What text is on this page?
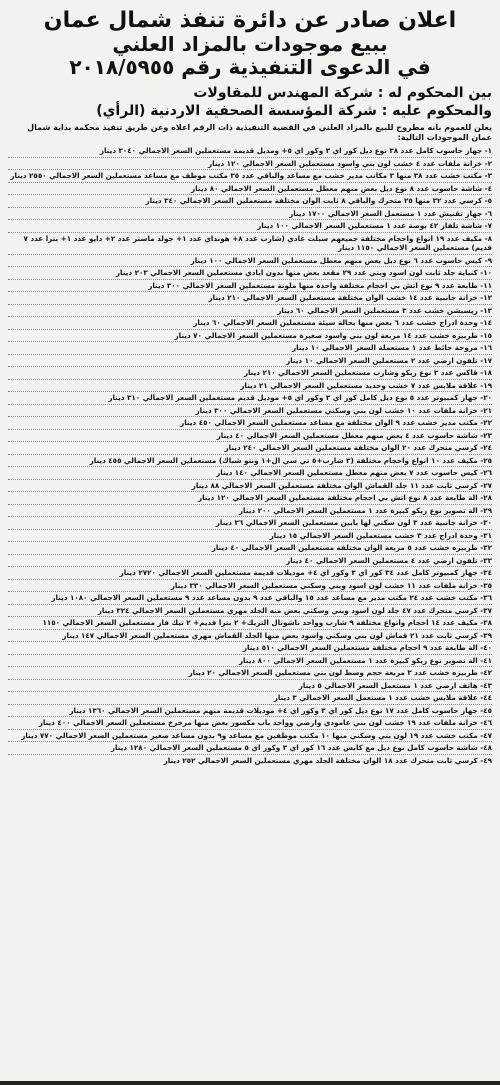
اعلان صادر عن دائرة تنفذ شمال عمان
ببيع موجودات بالمزاد العلني
في الدعوى التنفيذية رقم ٢٠١٨/٥٩٥٥
بين المحكوم له : شركة المهندس للمقاولات
والمحكوم عليه : شركة المؤسسة الصحفية الاردنية (الرأي)
يعلن للعموم بانه مطروح للبيع بالمزاد العلني في القضية التنفيذية ذات الرقم اعلاه وعن طريق تنفيذ محكمة بداية شمال عمان الموجودات التالية:
١- جهاز حاسوب كامل عدد ٣٨ نوع ديل كور اي ٣ وكور اي ٥+ ومديل قديمة مستعملين السعر الاجمالي ٣٠٤٠ دينار
٢- خزانة ملفات عدد ٤ خشب لون بني واسود مستعملين السعر الاجمالي ١٢٠ دينار
٣- مكتب خشب عدد ٣٨ منها ٣ مكاتب مدير خشب مع مساعد والباقي عدد ٣٥ مكتب موظف مع مساعد مستعملين السعر الاجمالي ٢٥٥٠ دينار
٤- شاشة حاسوب عدد ٨ نوع ديل بعض منهم معطل مستعملين السعر الاجمالي ٨٠ دينار
٥- كرسي عدد ٣٢ منها ٢٥ متحرك والباقي ٨ ثابت الوان مختلفة مستعملين السعر الاجمالي ٣٤٠ دينار
٦- جهاز تقنيش عدد ١ مستعمل السعر الاجمالي ١٧٠٠ دينار
٧- شاشة تلفاز ٤٢ بوصة عدد ١ مستعملين السعر الاجمالي ١٠٠ دينار
٨- مكيف عدد ١٩ انواع واحجام مختلفة جميعهم سبلت عادي (شارب عدد ٨+ هونداي عدد ١+ جولد ماستر عدد ٢+ دايو عدد ١+ بترا عدد ٧ قديم) مستعملين السعر الاجمالي ١١٥٠ دينار
٩- كيس حاسوب عدد ٦ نوع ديل بعض منهم معطل مستعملين السعر الاجمالي ١٠٠ دينار
١٠- كنباية جلد ثابت لون اسود وبني عدد ٢٩ مقعد بعض منها بدون ايادي مستعملين السعر الاجمالي ٢٠٣ دينار
١١- طابعة عدد ٩ نوع اتش بي احجام مختلفة واحدة منها ملونة مستعملين السعر الاجمالي ٣٠٠ دينار
١٢- خزانة جانبية عدد ١٤ خشب الوان مختلفة مستعملين السعر الاجمالي ٢١٠ دينار
١٣- ريسبشن خشب عدد ٣ مستعملين السعر الاجمالي ٦٠ دينار
١٤- وحدة ادراج خشب عدد ٦ بعض منها بحالة سيئة مستعملين السعر الاجمالي ٦٠ دينار
١٥- طربيزه خشب عدد ١٤ مربعة لون بني واسود صغيرة مستعملين السعر الاجمالي ٧٠ دينار
١٦- مروحة حائط عدد ١ مستعملة السعر الاجمالي ١٠ دينار
١٧- تلفون ارضي عدد ٢ مستعملين السعر الاجمالي ١٠ دينار
١٨- قاكس عدد ٣ نوع ريكو وشارب مستعملين السعر الاجمالي ٢١٠ دينار
١٩- علاقة ملابس عدد ٧ خشب وحديد مستعملين السعر الاجمالي ٢١ دينار
٢٠- جهاز كمبيوتر عدد ٥ نوع ديل كامل كور اي ٣ وكور اي ٥+ موديل قديم مستعملين السعر الاجمالي ٣١٠ دينار
٢١- خزانة ملفات عدد ١٠ خشب لون بني وسكني مستعملين السعر الاجمالي ٣٠٠ دينار
٢٢- مكتب مدير خشب عدد ٩ الوان مختلفة مع مساعد مستعملين السعر الاجمالي ٤٥٠ دينار
٢٣- شاشة حاسوب عدد ٤ بعض منهم معطل مستعملين السعر الاجمالي ٤٠ دينار
٢٤- كرسي متحرك عدد ٢٠ الوان مختلفة مستعملين السعر الاجمالي ٢٤٠ دينار
٢٥- مكيف عدد ١٠ انواع واحجام مختلفة (٣ شارب+٥ تي سي ال+١ ونتو شباك) مستعملين السعر الاجمالي ٤٥٥ دينار
٢٦- كيس حاسوب عدد ٧ بعض منهم معطل مستعملين السعر الاجمالي ١٤٠ دينار
٢٧- كرسي ثابت عدد ١١ جلد القماش الوان مختلفة مستعملين السعر الاجمالي ٨٨ دينار
٢٨- الة طابعة عدد ٨ نوع اتش بي احجام مختلفة مستعملين السعر الاجمالي ١٢٠ دينار
٢٩- الة تصوير نوع ريكو كبيرة عدد ١ مستعملين السعر الاجمالي ٢٠٠ دينار
٣٠- خزانة جانبية عدد ٣ لون سكني لها بابين مستعملين السعر الاجمالي ٣٦ دينار
٣١- وحدة ادراج عدد ٣ خشب مستعملين السعر الاجمالي ١٥ دينار
٣٢- طربيزه خشب عدد ٥ مربعة الوان مختلفة مستعملين السعر الاجمالي ٤٠ دينار
٣٣- تلفون ارضي عدد ٤ مستعملين السعر الاجمالي ٤٠ دينار
٣٤- جهاز كمبيوتر كامل عدد ٣٤ كور اي ٣ وكور اي ٤+ موديلات قديمة مستعملين السعر الاجمالي ٢٧٢٠ دينار
٣٥- خزانة ملفات عدد ١١ خشب لون اسود وبني وسكني مستعملين السعر الاجمالي ٣٣٠ دينار
٣٦- مكتب خشب عدد ٢٤ مكتب مدير مع مساعد عدد ١٥ والباقي عدد ٩ بدون مساعد عدد ٩ مستعملين السعر الاجمالي ١٠٨٠ دينار
٣٧- كرسي متحرك عدد ٤٧ جلد لون اسود وبني وسكني بعض منه الجلد مهري مستعملين السعر الاجمالي ٣٢٤ دينار
٣٨- مكيف عدد ١٤ احجام وانواع مختلفة ٩ شارب وواحد ناشونال التريك+ ٢ بترا قديم+ ٢ تيك فاز مستعملين السعر الاجمالي ١١٥٠
٣٩- كرسي ثابت عدد ٢١ قماش لون بني وسكني واسود بعض منها الجلد القماش مهري مستعملين السعر الاجمالي ١٤٧ دينار
٤٠- الة طابعة عدد ٩ احجام مختلفة مستعملين السعر الاجمالي ٥١٠ دينار
٤١- الة تصوير نوع ريكو كبيرة عدد ١ مستعملين السعر الاجمالي ٨٠٠ دينار
٤٢- طربيزه خشب عدد ٣ مربعة حجم وسط لون بني مستعملين السعر الاجمالي ٢٠ دينار
٤٣- هاتف ارضي عدد ١ مستعمل السعر الاجمالي ٥ دينار
٤٤- علاقة ملابس خشب عدد ١ مستعمل السعر الاجمالي ٣ دينار
٤٥- جهاز حاسوب كامل عدد ١٧ نوع ديل كور اي ٣ وكور اي ٤+ موديلات قديمة منهم مستعملين السعر الاجمالي ١٣٦٠ دينار
٤٦- خزانة ملفات عدد ١٩ خشب لون بني عامودي وارضي وواحد باب مكسور بعض منها مرخرخ مستعملين السعر الاجمالي ٤٠٠ دينار
٤٧- مكتب خشب عدد ١٩ لون بني وسكني منها ١٠ مكتب موظفين مع مساعد و٩ بدون مساعد صغير مستعملين السعر الاجمالي ٧٧٠ دينار
٤٨- شاشة حاسوب كامل نوع ديل مع كابس عدد ١٦ كور اي ٣ وكور اي ٥ مستعملين السعر الاجمالي ١٢٨٠ دينار
٤٩- كرسي ثابت متحرك عدد ١٨ الوان مختلفة الجلد مهري مستعملين السعر الاجمالي ٢٥٢ دينار
